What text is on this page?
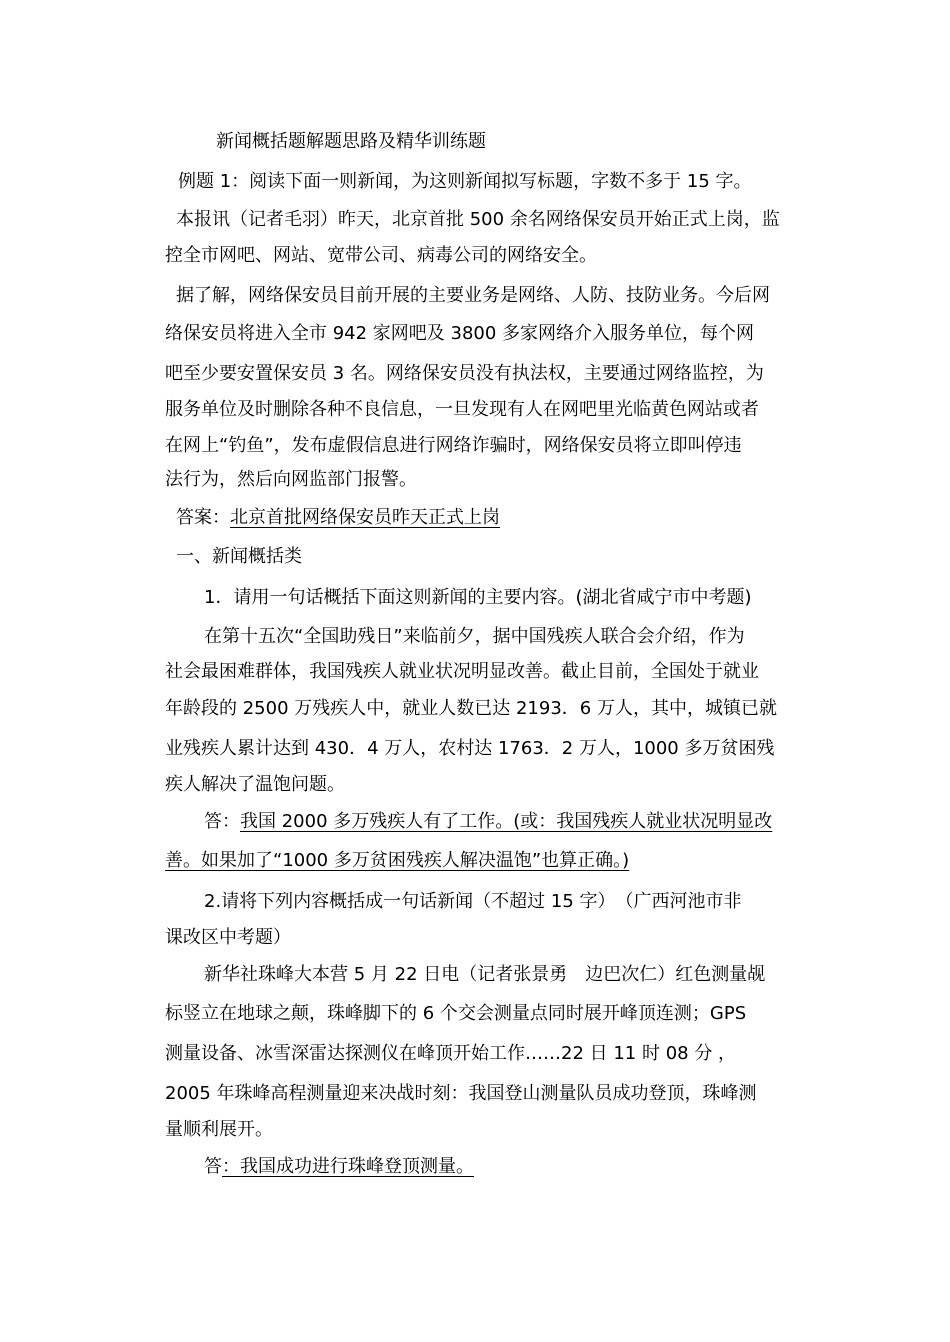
新闻概括题解题思路及精华训练题
例题 1：阅读下面一则新闻，为这则新闻拟写标题，字数不多于 15 字。
本报讯（记者毛羽）昨天，北京首批 500 余名网络保安员开始正式上岗，监
控全市网吧、网站、宽带公司、病毒公司的网络安全。
据了解，网络保安员目前开展的主要业务是网络、人防、技防业务。今后网
络保安员将进入全市 942 家网吧及 3800 多家网络介入服务单位，每个网
吧至少要安置保安员 3 名。网络保安员没有执法权，主要通过网络监控，为
服务单位及时删除各种不良信息，一旦发现有人在网吧里光临黄色网站或者
在网上“钓鱼”，发布虚假信息进行网络诈骗时，网络保安员将立即叫停违
法行为，然后向网监部门报警。
答案：北京首批网络保安员昨天正式上岗
一、新闻概括类
1．请用一句话概括下面这则新闻的主要内容。(湖北省咸宁市中考题)
在第十五次“全国助残日”来临前夕，据中国残疾人联合会介绍，作为
社会最困难群体，我国残疾人就业状况明显改善。截止目前，全国处于就业
年龄段的 2500 万残疾人中，就业人数已达 2193．6 万人，其中，城镇已就
业残疾人累计达到 430．4 万人，农村达 1763．2 万人，1000 多万贫困残
疾人解决了温饱问题。
答：我国 2000 多万残疾人有了工作。(或：我国残疾人就业状况明显改
善。如果加了“1000 多万贫困残疾人解决温饱”也算正确。)
2.请将下列内容概括成一句话新闻（不超过 15 字）　（广西河池市非
课改区中考题）
新华社珠峰大本营 5 月 22 日电（记者张景勇　边巴次仁）红色测量觇
标竖立在地球之颠，珠峰脚下的 6 个交会测量点同时展开峰顶连测；GPS
测量设备、冰雪深雷达探测仪在峰顶开始工作……22 日 11 时 08 分 ，
2005 年珠峰高程测量迎来决战时刻：我国登山测量队员成功登顶，珠峰测
量顺利展开。
答：我国成功进行珠峰登顶测量。
